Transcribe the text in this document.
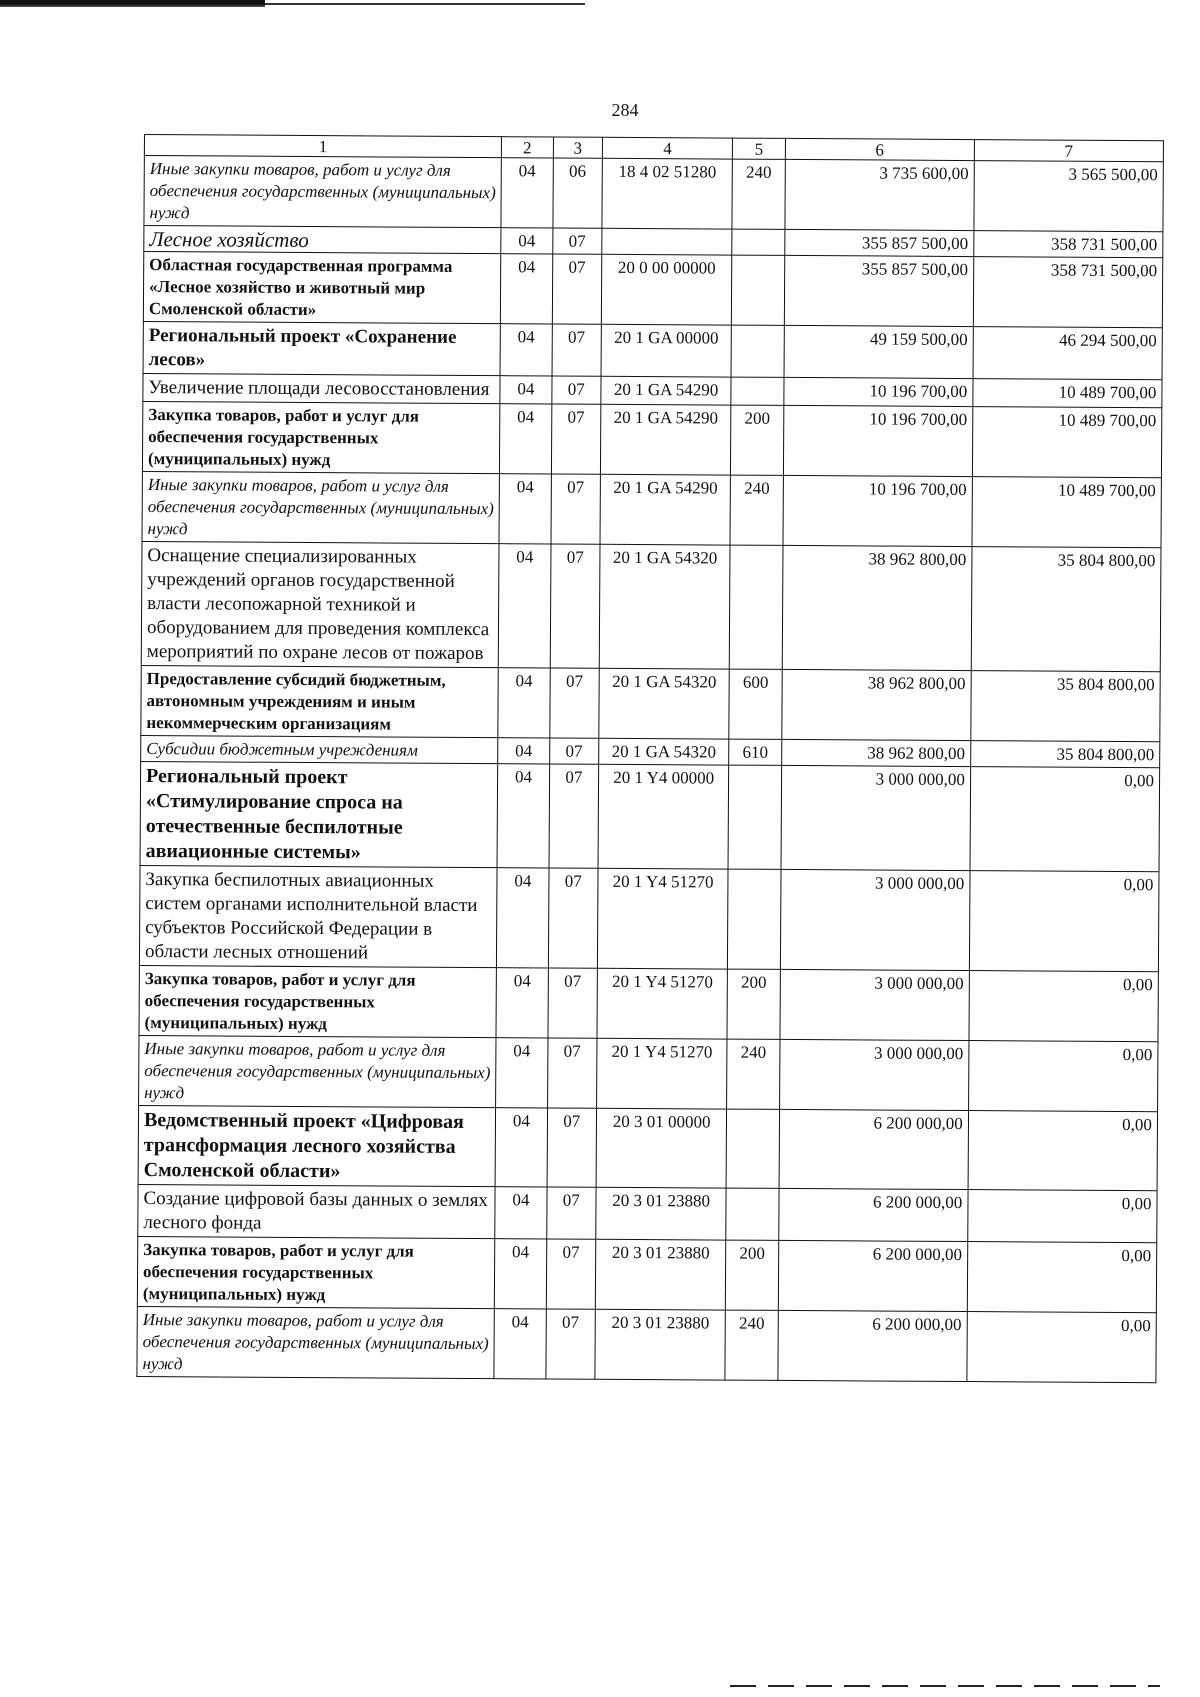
284
1	2	3	4	5	6	7
Иные закупки товаров, работ и услуг для обеспечения государственных (муниципальных) нужд	04	06	18 4 02 51280	240	3 735 600,00	3 565 500,00
Лесное хозяйство	04	07			355 857 500,00	358 731 500,00
Областная государственная программа «Лесное хозяйство и животный мир Смоленской области»	04	07	20 0 00 00000		355 857 500,00	358 731 500,00
Региональный проект «Сохранение лесов»	04	07	20 1 GA 00000		49 159 500,00	46 294 500,00
Увеличение площади лесовосстановления	04	07	20 1 GA 54290		10 196 700,00	10 489 700,00
Закупка товаров, работ и услуг для обеспечения государственных (муниципальных) нужд	04	07	20 1 GA 54290	200	10 196 700,00	10 489 700,00
Иные закупки товаров, работ и услуг для обеспечения государственных (муниципальных) нужд	04	07	20 1 GA 54290	240	10 196 700,00	10 489 700,00
Оснащение специализированных учреждений органов государственной власти лесопожарной техникой и оборудованием для проведения комплекса мероприятий по охране лесов от пожаров	04	07	20 1 GA 54320		38 962 800,00	35 804 800,00
Предоставление субсидий бюджетным, автономным учреждениям и иным некоммерческим организациям	04	07	20 1 GA 54320	600	38 962 800,00	35 804 800,00
Субсидии бюджетным учреждениям	04	07	20 1 GA 54320	610	38 962 800,00	35 804 800,00
Региональный проект «Стимулирование спроса на отечественные беспилотные авиационные системы»	04	07	20 1 Y4 00000		3 000 000,00	0,00
Закупка беспилотных авиационных систем органами исполнительной власти субъектов Российской Федерации в области лесных отношений	04	07	20 1 Y4 51270		3 000 000,00	0,00
Закупка товаров, работ и услуг для обеспечения государственных (муниципальных) нужд	04	07	20 1 Y4 51270	200	3 000 000,00	0,00
Иные закупки товаров, работ и услуг для обеспечения государственных (муниципальных) нужд	04	07	20 1 Y4 51270	240	3 000 000,00	0,00
Ведомственный проект «Цифровая трансформация лесного хозяйства Смоленской области»	04	07	20 3 01 00000		6 200 000,00	0,00
Создание цифровой базы данных о землях лесного фонда	04	07	20 3 01 23880		6 200 000,00	0,00
Закупка товаров, работ и услуг для обеспечения государственных (муниципальных) нужд	04	07	20 3 01 23880	200	6 200 000,00	0,00
Иные закупки товаров, работ и услуг для обеспечения государственных (муниципальных) нужд	04	07	20 3 01 23880	240	6 200 000,00	0,00
